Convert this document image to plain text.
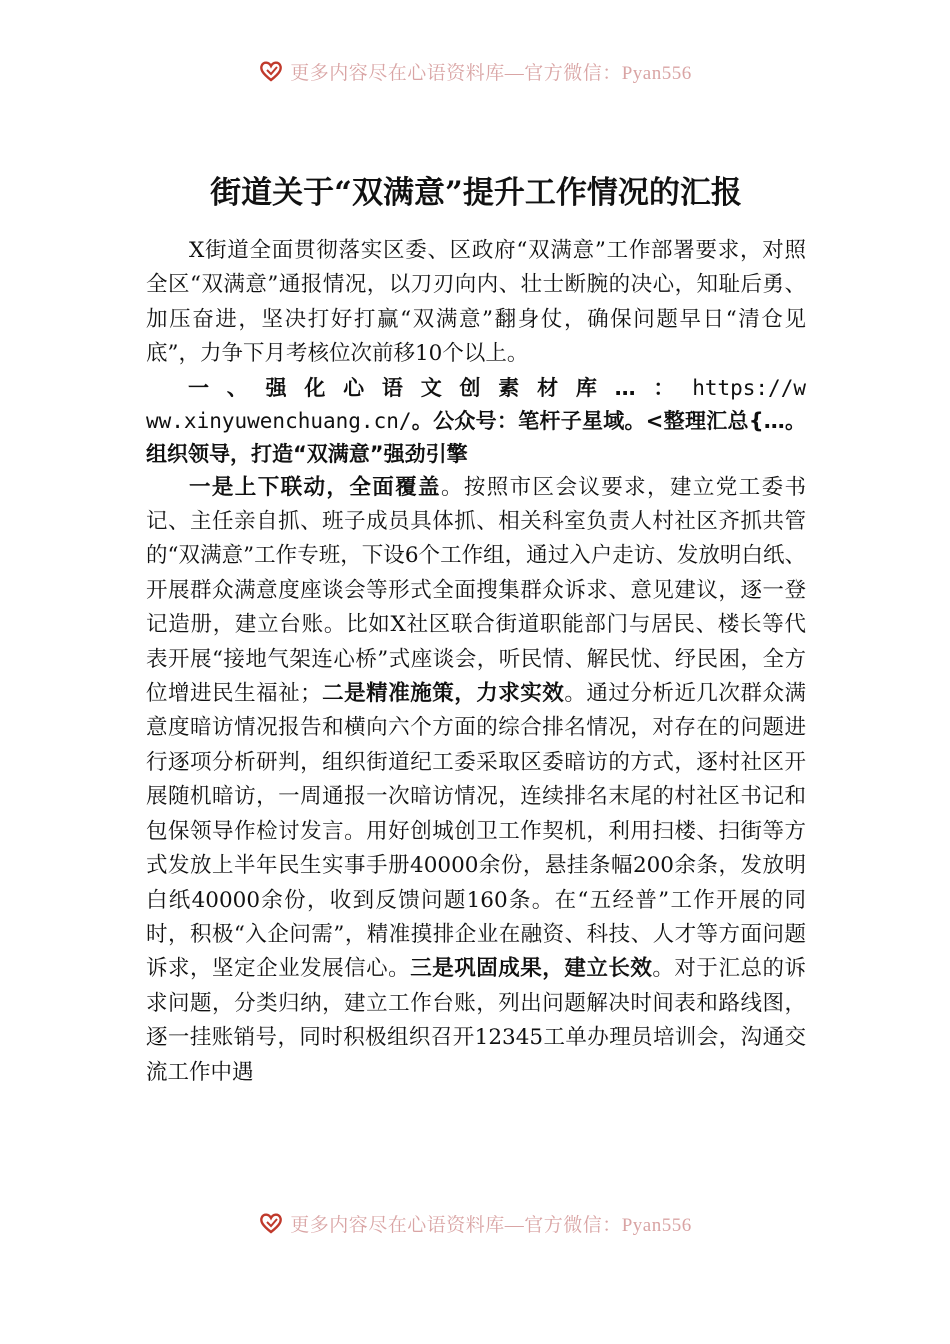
更多内容尽在心语资料库—官方微信：Pyan556
街道关于“双满意”提升工作情况的汇报

X街道全面贯彻落实区委、区政府“双满意”工作部署要求，对照全区“双满意”通报情况，以刀刃向内、壮士断腕的决心，知耻后勇、加压奋进，坚决打好打赢“双满意”翻身仗，确保问题早日“清仓见底”，力争下月考核位次前移10个以上。

一、强化心语文创素材库…：https://www.xinyuwenchuang.cn/。公众号：笔杆子星域。<整理汇总{…。组织领导，打造“双满意”强劲引擎

一是上下联动，全面覆盖。按照市区会议要求，建立党工委书记、主任亲自抓、班子成员具体抓、相关科室负责人村社区齐抓共管的“双满意”工作专班，下设6个工作组，通过入户走访、发放明白纸、开展群众满意度座谈会等形式全面搜集群众诉求、意见建议，逐一登记造册，建立台账。比如X社区联合街道职能部门与居民、楼长等代表开展“接地气架连心桥”式座谈会，听民情、解民忧、纾民困，全方位增进民生福祉；二是精准施策，力求实效。通过分析近几次群众满意度暗访情况报告和横向六个方面的综合排名情况，对存在的问题进行逐项分析研判，组织街道纪工委采取区委暗访的方式，逐村社区开展随机暗访，一周通报一次暗访情况，连续排名末尾的村社区书记和包保领导作检讨发言。用好创城创卫工作契机，利用扫楼、扫街等方式发放上半年民生实事手册40000余份，悬挂条幅200余条，发放明白纸40000余份，收到反馈问题160条。在“五经普”工作开展的同时，积极“入企问需”，精准摸排企业在融资、科技、人才等方面问题诉求，坚定企业发展信心。三是巩固成果，建立长效。对于汇总的诉求问题，分类归纳，建立工作台账，列出问题解决时间表和路线图，逐一挂账销号，同时积极组织召开12345工单办理员培训会，沟通交流工作中遇

更多内容尽在心语资料库—官方微信：Pyan556
